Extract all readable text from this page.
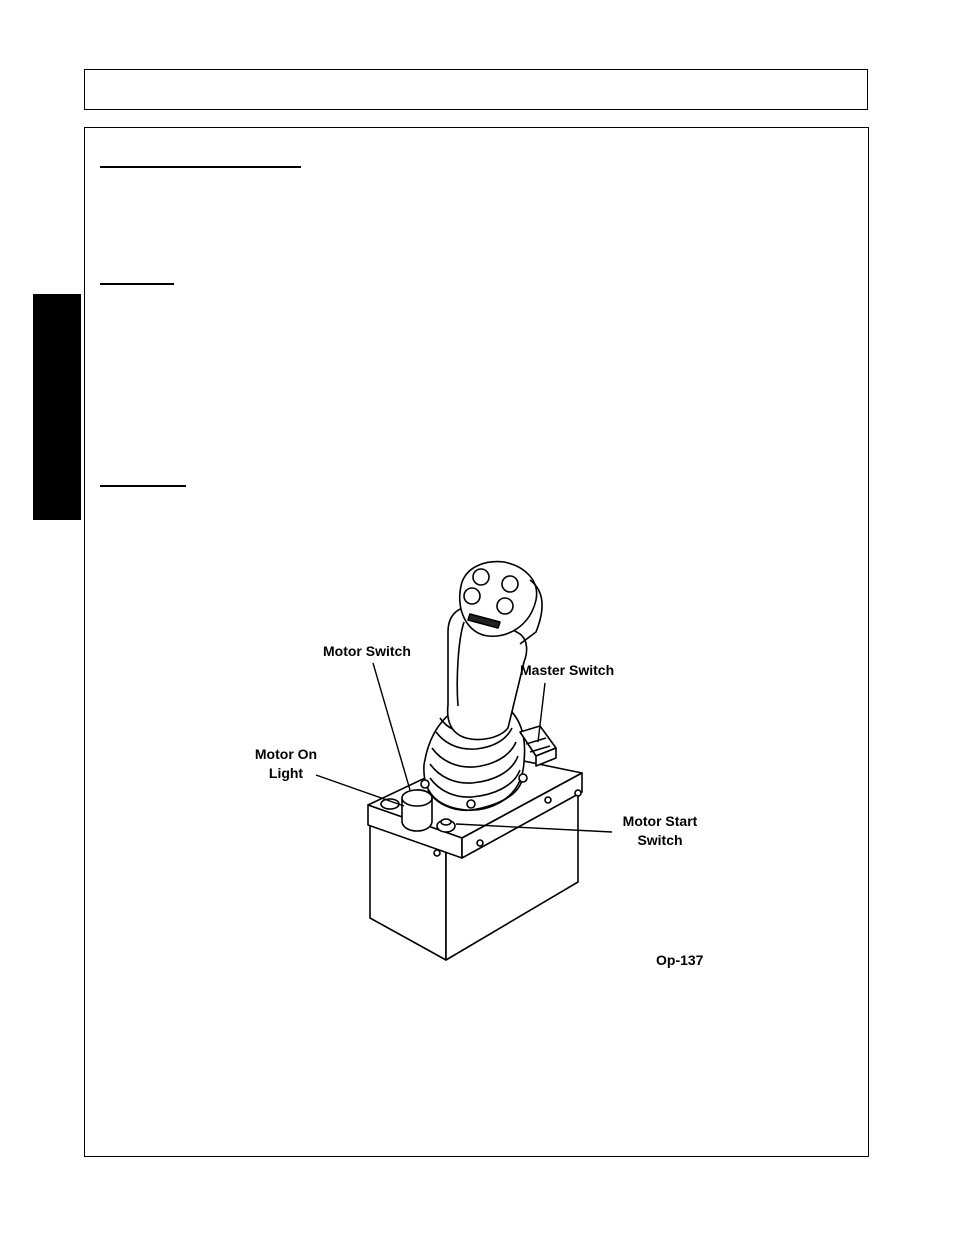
Motor Switch
Master Switch
Motor On
Light
Motor Start
Switch
Op-137
